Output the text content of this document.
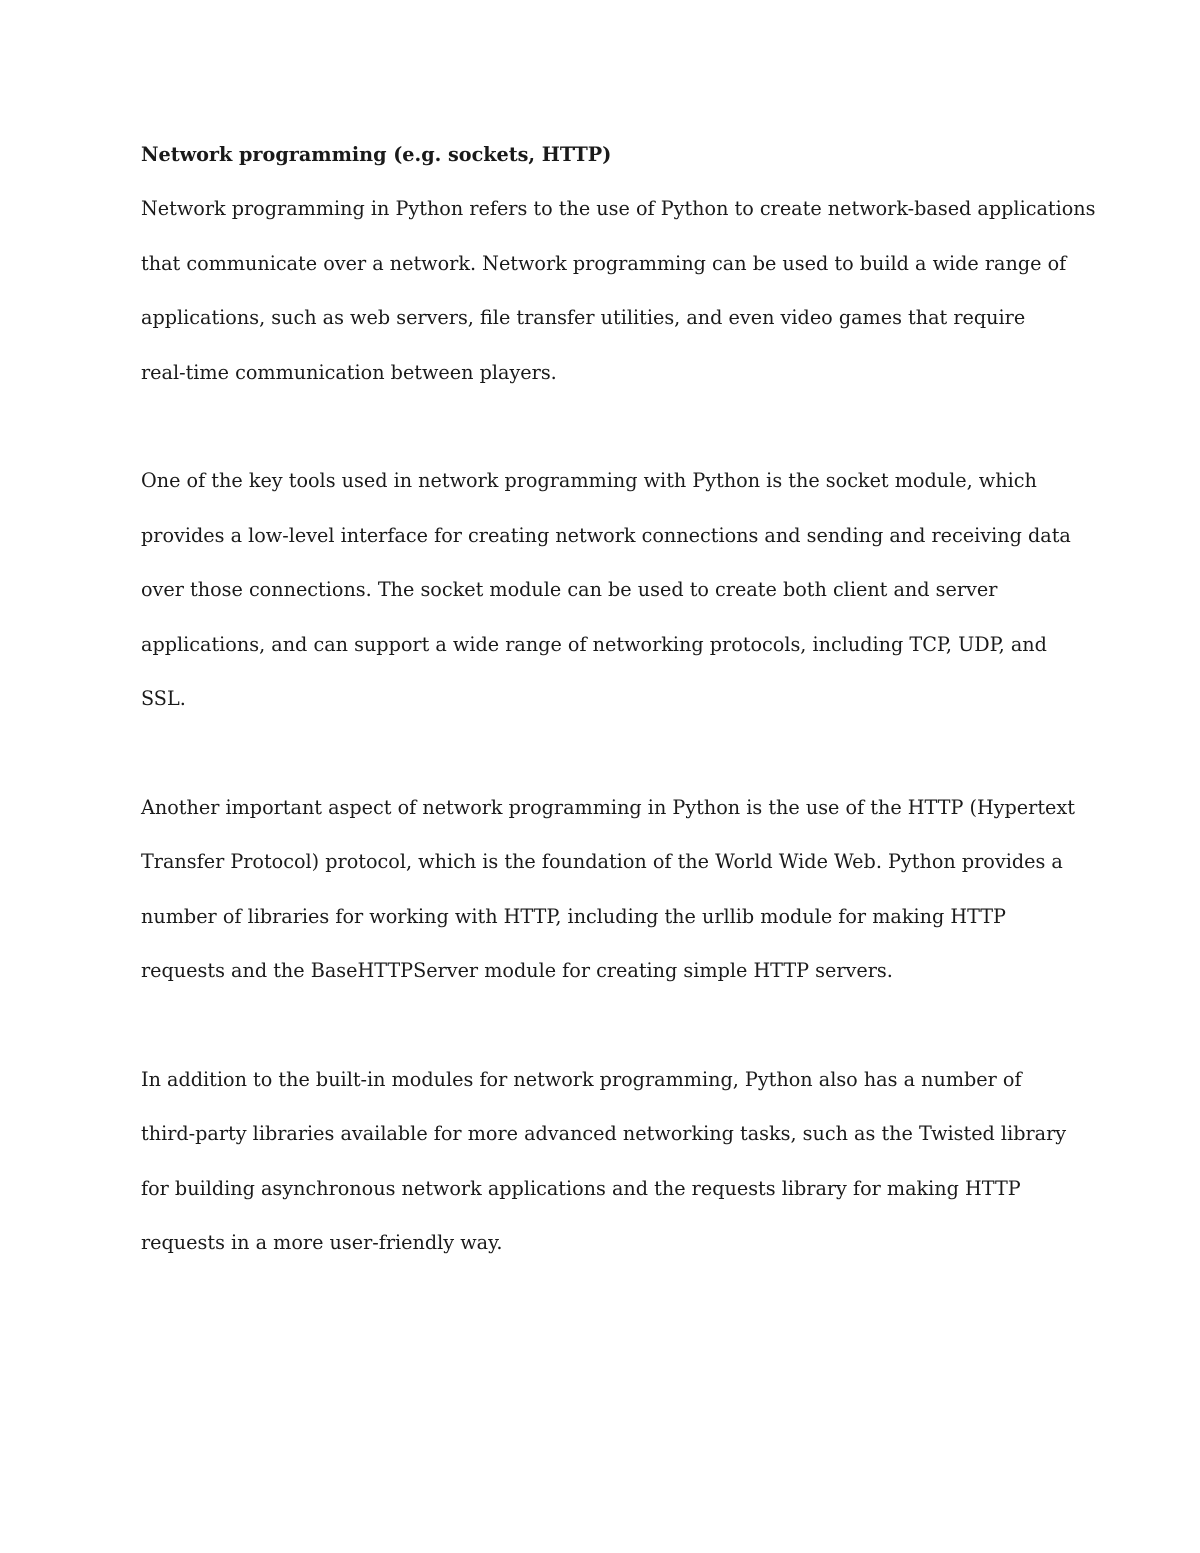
Network programming (e.g. sockets, HTTP)

Network programming in Python refers to the use of Python to create network-based applications
that communicate over a network. Network programming can be used to build a wide range of
applications, such as web servers, file transfer utilities, and even video games that require
real-time communication between players.

One of the key tools used in network programming with Python is the socket module, which
provides a low-level interface for creating network connections and sending and receiving data
over those connections. The socket module can be used to create both client and server
applications, and can support a wide range of networking protocols, including TCP, UDP, and
SSL.

Another important aspect of network programming in Python is the use of the HTTP (Hypertext
Transfer Protocol) protocol, which is the foundation of the World Wide Web. Python provides a
number of libraries for working with HTTP, including the urllib module for making HTTP
requests and the BaseHTTPServer module for creating simple HTTP servers.

In addition to the built-in modules for network programming, Python also has a number of
third-party libraries available for more advanced networking tasks, such as the Twisted library
for building asynchronous network applications and the requests library for making HTTP
requests in a more user-friendly way.
